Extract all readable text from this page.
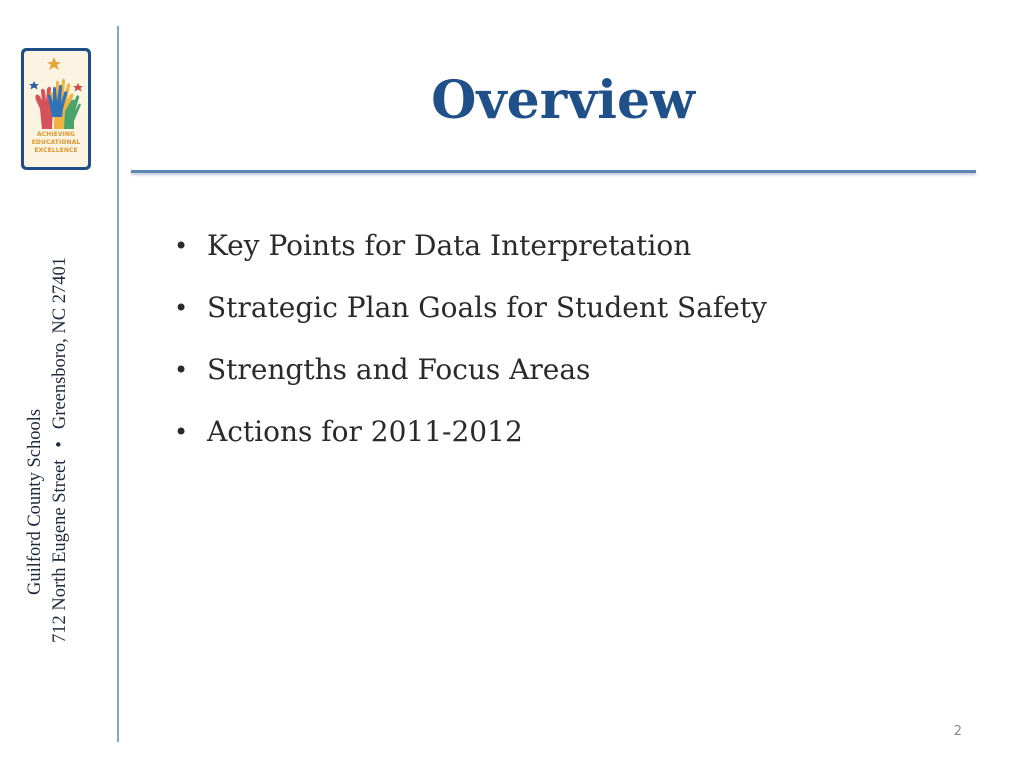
ACHIEVING
EDUCATIONAL
EXCELLENCE
Guilford County Schools 712 North Eugene Street•Greensboro, NC 27401
Overview
• Key Points for Data Interpretation
• Strategic Plan Goals for Student Safety
• Strengths and Focus Areas
• Actions for 2011-2012
2
